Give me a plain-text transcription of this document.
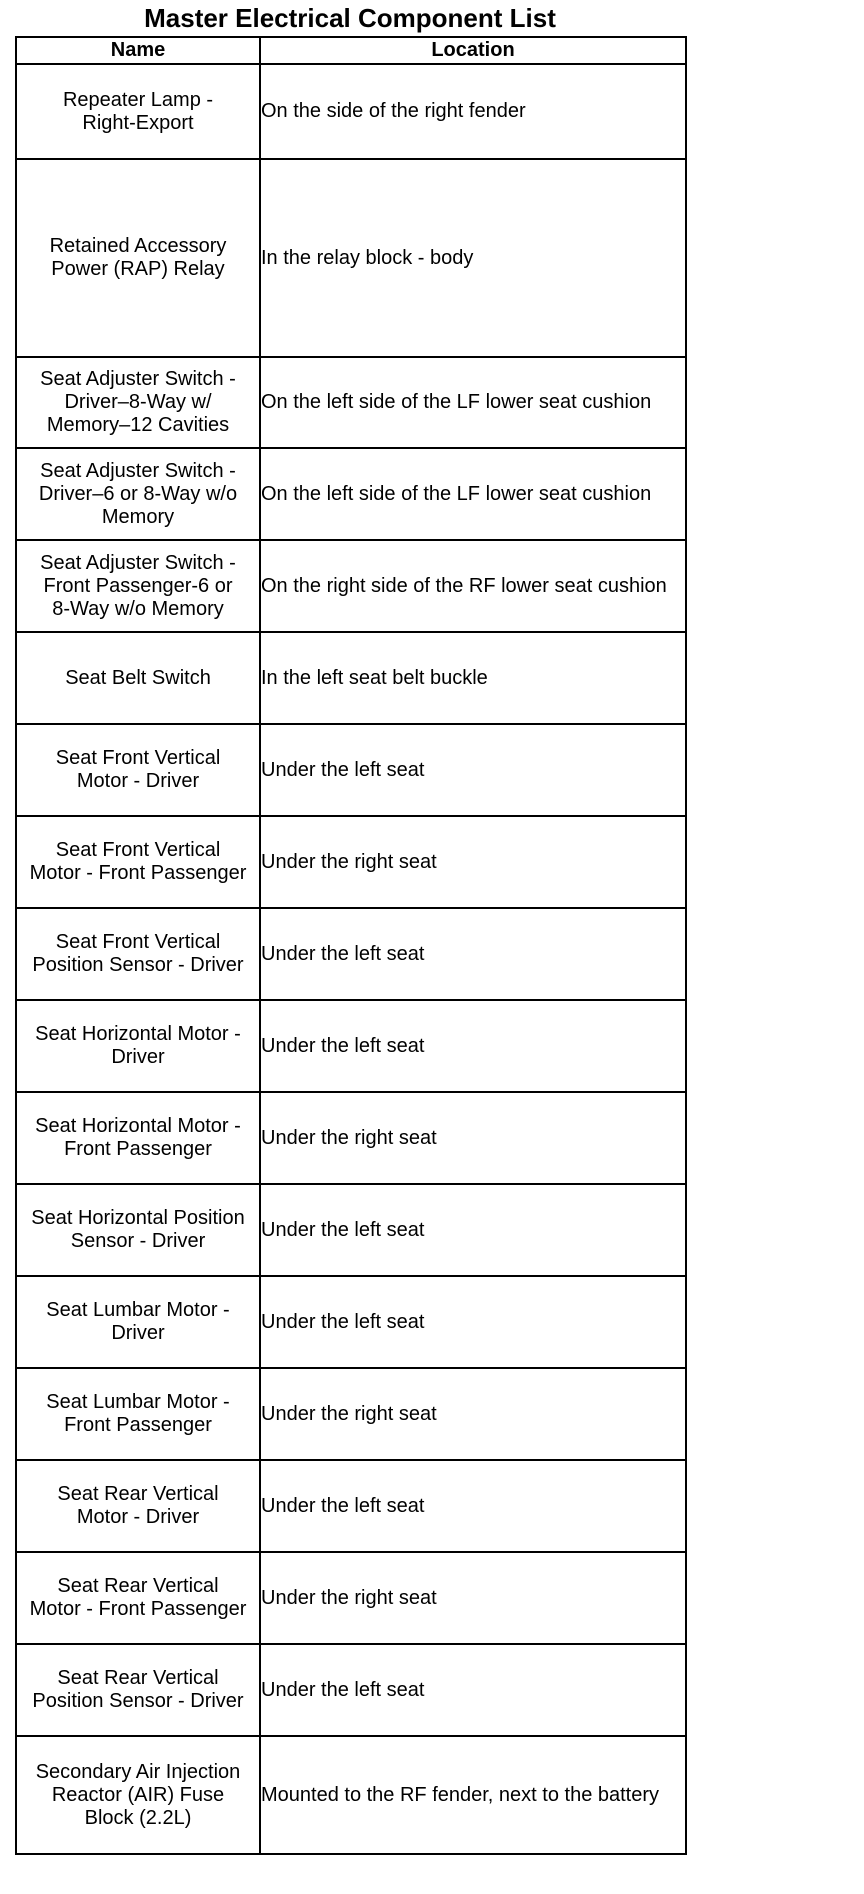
Master Electrical Component List
Name	Location
Repeater Lamp -
Right-Export	On the side of the right fender
Retained Accessory
Power (RAP) Relay	In the relay block - body
Seat Adjuster Switch -
Driver–8-Way w/
Memory–12 Cavities	On the left side of the LF lower seat cushion
Seat Adjuster Switch -
Driver–6 or 8-Way w/o
Memory	On the left side of the LF lower seat cushion
Seat Adjuster Switch -
Front Passenger-6 or
8-Way w/o Memory	On the right side of the RF lower seat cushion
Seat Belt Switch	In the left seat belt buckle
Seat Front Vertical
Motor - Driver	Under the left seat
Seat Front Vertical
Motor - Front Passenger	Under the right seat
Seat Front Vertical
Position Sensor - Driver	Under the left seat
Seat Horizontal Motor -
Driver	Under the left seat
Seat Horizontal Motor -
Front Passenger	Under the right seat
Seat Horizontal Position
Sensor - Driver	Under the left seat
Seat Lumbar Motor -
Driver	Under the left seat
Seat Lumbar Motor -
Front Passenger	Under the right seat
Seat Rear Vertical
Motor - Driver	Under the left seat
Seat Rear Vertical
Motor - Front Passenger	Under the right seat
Seat Rear Vertical
Position Sensor - Driver	Under the left seat
Secondary Air Injection
Reactor (AIR) Fuse
Block (2.2L)	Mounted to the RF fender, next to the battery
